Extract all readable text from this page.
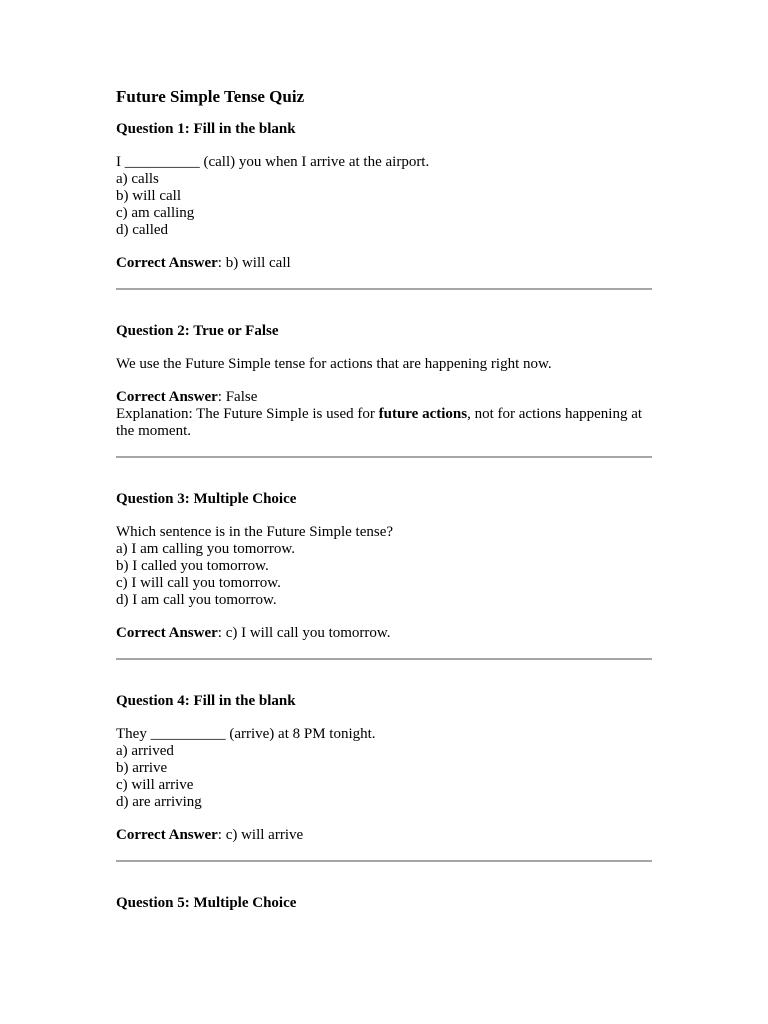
Future Simple Tense Quiz
Question 1: Fill in the blank
I __________ (call) you when I arrive at the airport.
a) calls
b) will call
c) am calling
d) called
Correct Answer: b) will call
Question 2: True or False
We use the Future Simple tense for actions that are happening right now.
Correct Answer: False
Explanation: The Future Simple is used for future actions, not for actions happening at the moment.
Question 3: Multiple Choice
Which sentence is in the Future Simple tense?
a) I am calling you tomorrow.
b) I called you tomorrow.
c) I will call you tomorrow.
d) I am call you tomorrow.
Correct Answer: c) I will call you tomorrow.
Question 4: Fill in the blank
They __________ (arrive) at 8 PM tonight.
a) arrived
b) arrive
c) will arrive
d) are arriving
Correct Answer: c) will arrive
Question 5: Multiple Choice
